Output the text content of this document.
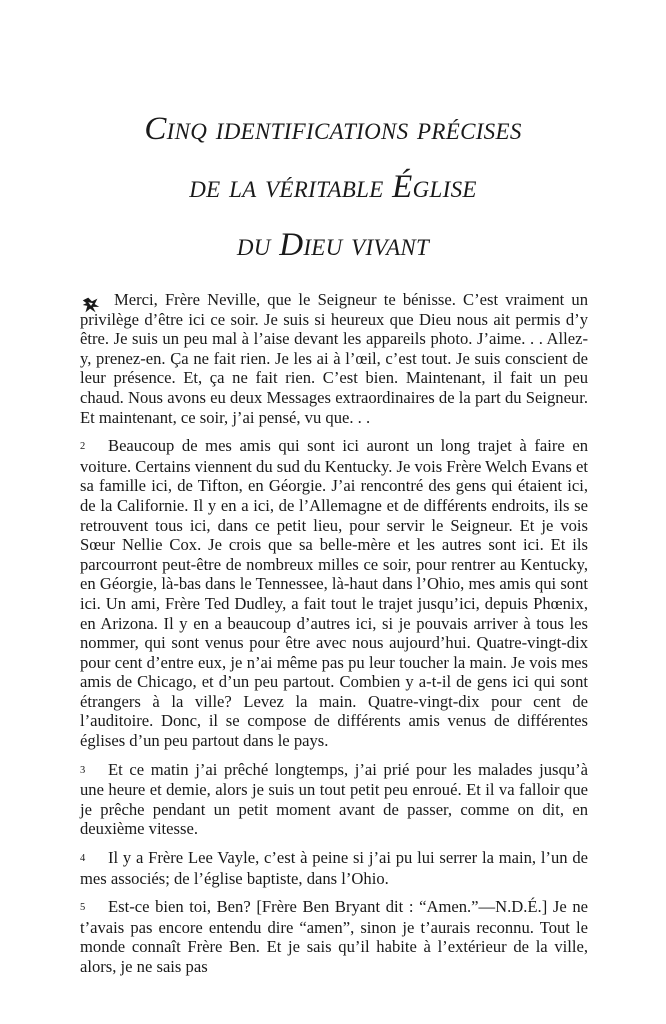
Cinq identifications précises
de la véritable Église
du Dieu vivant

Merci, Frère Neville, que le Seigneur te bénisse. C’est vraiment un privilège d’être ici ce soir. Je suis si heureux que Dieu nous ait permis d’y être. Je suis un peu mal à l’aise devant les appareils photo. J’aime. . . Allez-y, prenez-en. Ça ne fait rien. Je les ai à l’œil, c’est tout. Je suis conscient de leur présence. Et, ça ne fait rien. C’est bien. Maintenant, il fait un peu chaud. Nous avons eu deux Messages extraordinaires de la part du Seigneur. Et maintenant, ce soir, j’ai pensé, vu que. . .

2 Beaucoup de mes amis qui sont ici auront un long trajet à faire en voiture. Certains viennent du sud du Kentucky. Je vois Frère Welch Evans et sa famille ici, de Tifton, en Géorgie. J’ai rencontré des gens qui étaient ici, de la Californie. Il y en a ici, de l’Allemagne et de différents endroits, ils se retrouvent tous ici, dans ce petit lieu, pour servir le Seigneur. Et je vois Sœur Nellie Cox. Je crois que sa belle-mère et les autres sont ici. Et ils parcourront peut-être de nombreux milles ce soir, pour rentrer au Kentucky, en Géorgie, là-bas dans le Tennessee, là-haut dans l’Ohio, mes amis qui sont ici. Un ami, Frère Ted Dudley, a fait tout le trajet jusqu’ici, depuis Phœnix, en Arizona. Il y en a beaucoup d’autres ici, si je pouvais arriver à tous les nommer, qui sont venus pour être avec nous aujourd’hui. Quatre-vingt-dix pour cent d’entre eux, je n’ai même pas pu leur toucher la main. Je vois mes amis de Chicago, et d’un peu partout. Combien y a-t-il de gens ici qui sont étrangers à la ville? Levez la main. Quatre-vingt-dix pour cent de l’auditoire. Donc, il se compose de différents amis venus de différentes églises d’un peu partout dans le pays.

3 Et ce matin j’ai prêché longtemps, j’ai prié pour les malades jusqu’à une heure et demie, alors je suis un tout petit peu enroué. Et il va falloir que je prêche pendant un petit moment avant de passer, comme on dit, en deuxième vitesse.

4 Il y a Frère Lee Vayle, c’est à peine si j’ai pu lui serrer la main, l’un de mes associés; de l’église baptiste, dans l’Ohio.

5 Est-ce bien toi, Ben? [Frère Ben Bryant dit : “Amen.”—N.D.É.] Je ne t’avais pas encore entendu dire “amen”, sinon je t’aurais reconnu. Tout le monde connaît Frère Ben. Et je sais qu’il habite à l’extérieur de la ville, alors, je ne sais pas
